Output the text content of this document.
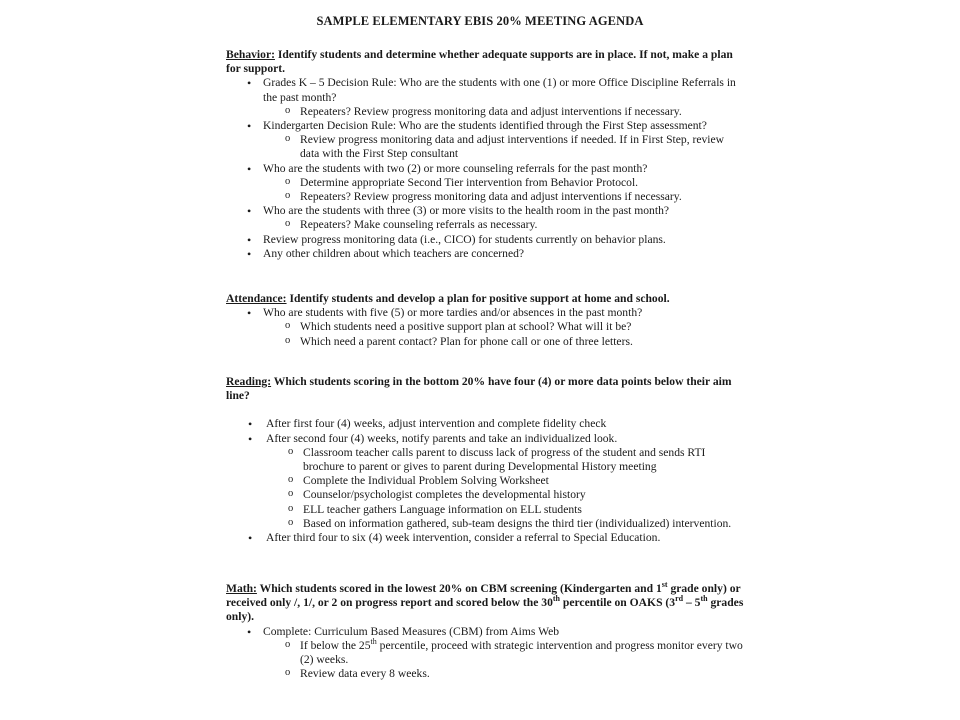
SAMPLE ELEMENTARY EBIS 20% MEETING AGENDA
Behavior: Identify students and determine whether adequate supports are in place. If not, make a plan for support.
• Grades K – 5 Decision Rule: Who are the students with one (1) or more Office Discipline Referrals in the past month?
o Repeaters? Review progress monitoring data and adjust interventions if necessary.
• Kindergarten Decision Rule: Who are the students identified through the First Step assessment?
o Review progress monitoring data and adjust interventions if needed. If in First Step, review data with the First Step consultant
• Who are the students with two (2) or more counseling referrals for the past month?
o Determine appropriate Second Tier intervention from Behavior Protocol.
o Repeaters? Review progress monitoring data and adjust interventions if necessary.
• Who are the students with three (3) or more visits to the health room in the past month?
o Repeaters? Make counseling referrals as necessary.
• Review progress monitoring data (i.e., CICO) for students currently on behavior plans.
• Any other children about which teachers are concerned?
Attendance: Identify students and develop a plan for positive support at home and school.
• Who are students with five (5) or more tardies and/or absences in the past month?
o Which students need a positive support plan at school? What will it be?
o Which need a parent contact? Plan for phone call or one of three letters.
Reading: Which students scoring in the bottom 20% have four (4) or more data points below their aim line?
• After first four (4) weeks, adjust intervention and complete fidelity check
• After second four (4) weeks, notify parents and take an individualized look.
o Classroom teacher calls parent to discuss lack of progress of the student and sends RTI brochure to parent or gives to parent during Developmental History meeting
o Complete the Individual Problem Solving Worksheet
o Counselor/psychologist completes the developmental history
o ELL teacher gathers Language information on ELL students
o Based on information gathered, sub-team designs the third tier (individualized) intervention.
• After third four to six (4) week intervention, consider a referral to Special Education.
Math: Which students scored in the lowest 20% on CBM screening (Kindergarten and 1st grade only) or received only /, 1/, or 2 on progress report and scored below the 30th percentile on OAKS (3rd – 5th grades only).
• Complete: Curriculum Based Measures (CBM) from Aims Web
o If below the 25th percentile, proceed with strategic intervention and progress monitor every two (2) weeks.
o Review data every 8 weeks.
